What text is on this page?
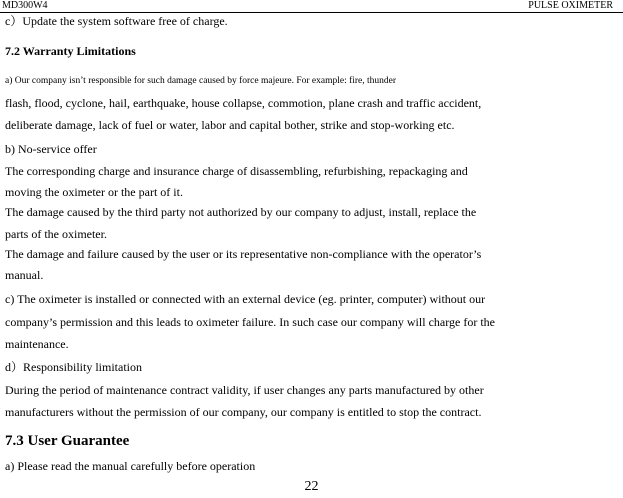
MD300W4	PULSE OXIMETER
c）Update the system software free of charge.
7.2 Warranty Limitations
a) Our company isn’t responsible for such damage caused by force majeure. For example: fire, thunder
flash, flood, cyclone, hail, earthquake, house collapse, commotion, plane crash and traffic accident,
deliberate damage, lack of fuel or water, labor and capital bother, strike and stop-working etc.
b) No-service offer
The corresponding charge and insurance charge of disassembling, refurbishing, repackaging and
moving the oximeter or the part of it.
The damage caused by the third party not authorized by our company to adjust, install, replace the
parts of the oximeter.
The damage and failure caused by the user or its representative non-compliance with the operator’s
manual.
c) The oximeter is installed or connected with an external device (eg. printer, computer) without our
company’s permission and this leads to oximeter failure. In such case our company will charge for the
maintenance.
d）Responsibility limitation
During the period of maintenance contract validity, if user changes any parts manufactured by other
manufacturers without the permission of our company, our company is entitled to stop the contract.
7.3 User Guarantee
a) Please read the manual carefully before operation
22
